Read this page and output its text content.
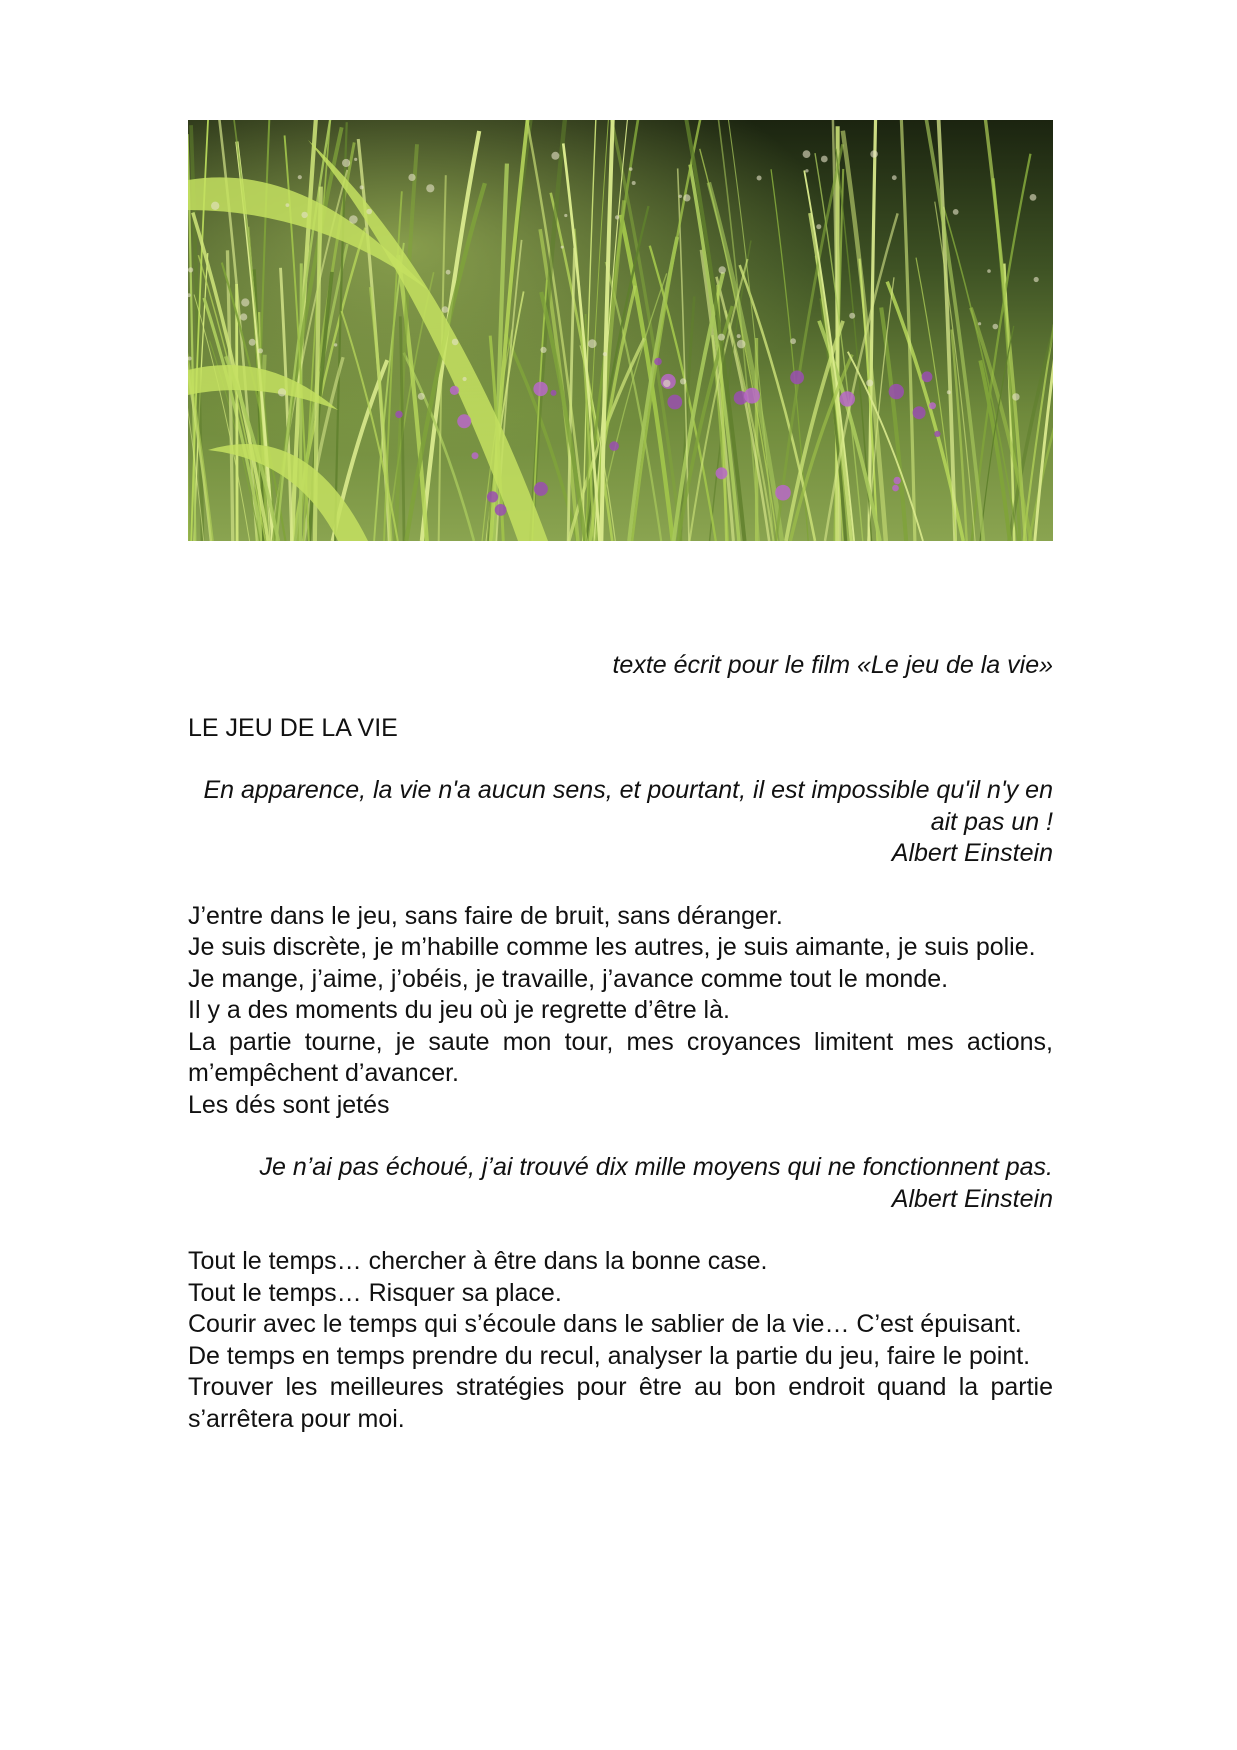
texte écrit pour le film «Le jeu de la vie»

LE JEU DE LA VIE

En apparence, la vie n'a aucun sens, et pourtant, il est impossible qu'il n'y en ait pas un !
Albert Einstein

J’entre dans le jeu, sans faire de bruit, sans déranger.
Je suis discrète, je m’habille comme les autres, je suis aimante, je suis polie.
Je mange, j’aime, j’obéis, je travaille, j’avance comme tout le monde.
Il y a des moments du jeu où je regrette d’être là.
La partie tourne, je saute mon tour, mes croyances limitent mes actions, m’empêchent d’avancer.
Les dés sont jetés

Je n’ai pas échoué, j’ai trouvé dix mille moyens qui ne fonctionnent pas.
Albert Einstein

Tout le temps… chercher à être dans la bonne case.
Tout le temps… Risquer sa place.
Courir avec le temps qui s’écoule dans le sablier de la vie… C’est épuisant.
De temps en temps prendre du recul, analyser la partie du jeu, faire le point.
Trouver les meilleures stratégies pour être au bon endroit quand la partie s’arrêtera pour moi.
